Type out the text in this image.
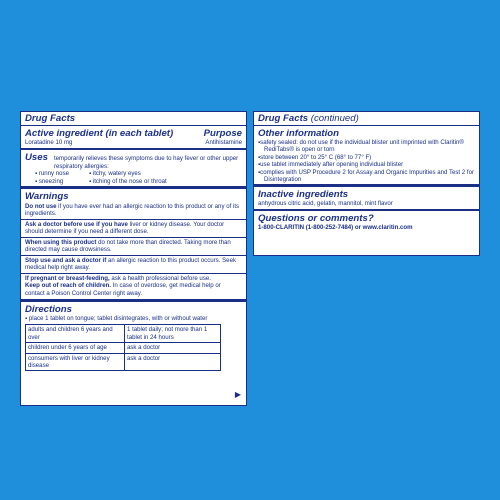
Drug Facts
Active ingredient (in each tablet)	Purpose
Loratadine 10 mg	Antihistamine
Uses temporarily relieves these symptoms due to hay fever or other upper respiratory allergies:
▪ runny nose	▪ itchy, watery eyes
▪ sneezing	▪ itching of the nose or throat
Warnings
Do not use if you have ever had an allergic reaction to this product or any of its ingredients.
Ask a doctor before use if you have liver or kidney disease. Your doctor should determine if you need a different dose.
When using this product do not take more than directed. Taking more than directed may cause drowsiness.
Stop use and ask a doctor if an allergic reaction to this product occurs. Seek medical help right away.
If pregnant or breast-feeding, ask a health professional before use.
Keep out of reach of children. In case of overdose, get medical help or contact a Poison Control Center right away.
Directions
▪ place 1 tablet on tongue; tablet disintegrates, with or without water
adults and children 6 years and over	1 tablet daily; not more than 1 tablet in 24 hours
children under 6 years of age	ask a doctor
consumers with liver or kidney disease	ask a doctor
▶
Drug Facts (continued)
Other information
▪ safety sealed: do not use if the individual blister unit imprinted with Claritin® RediTabs® is open or torn
▪ store between 20° to 25° C (68° to 77° F)
▪ use tablet immediately after opening individual blister
▪ complies with USP Procedure 2 for Assay and Organic Impurities and Test 2 for Disintegration
Inactive ingredients
anhydrous citric acid, gelatin, mannitol, mint flavor
Questions or comments?
1-800-CLARITIN (1-800-252-7484) or www.claritin.com
